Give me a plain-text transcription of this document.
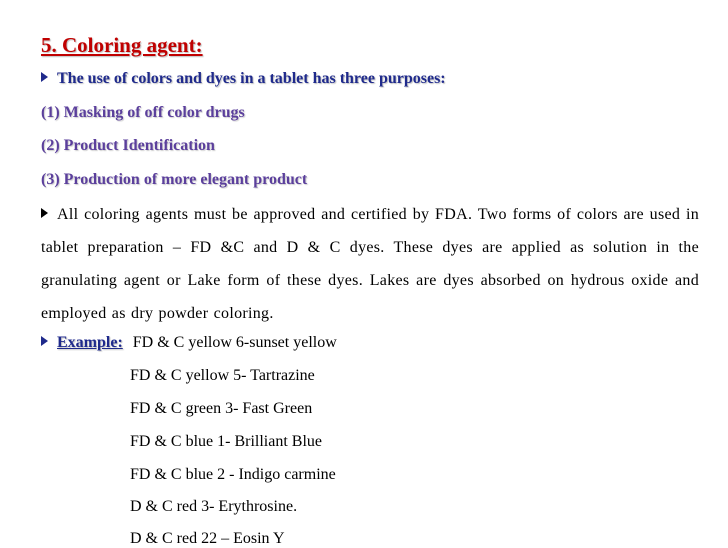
5. Coloring agent:
The use of colors and dyes in a tablet has three purposes:
(1) Masking of off color drugs
(2) Product Identification
(3) Production of more elegant product
All coloring agents must be approved and certified by FDA. Two forms of colors are used in tablet preparation – FD &C and D & C dyes. These dyes are applied as solution in the granulating agent or Lake form of these dyes. Lakes are dyes absorbed on hydrous oxide and employed as dry powder coloring.
Example: FD & C yellow 6-sunset yellow
FD & C yellow 5- Tartrazine
FD & C green 3- Fast Green
FD & C blue 1- Brilliant Blue
FD & C blue 2 - Indigo carmine
D & C red 3- Erythrosine.
D & C red 22 – Eosin Y
